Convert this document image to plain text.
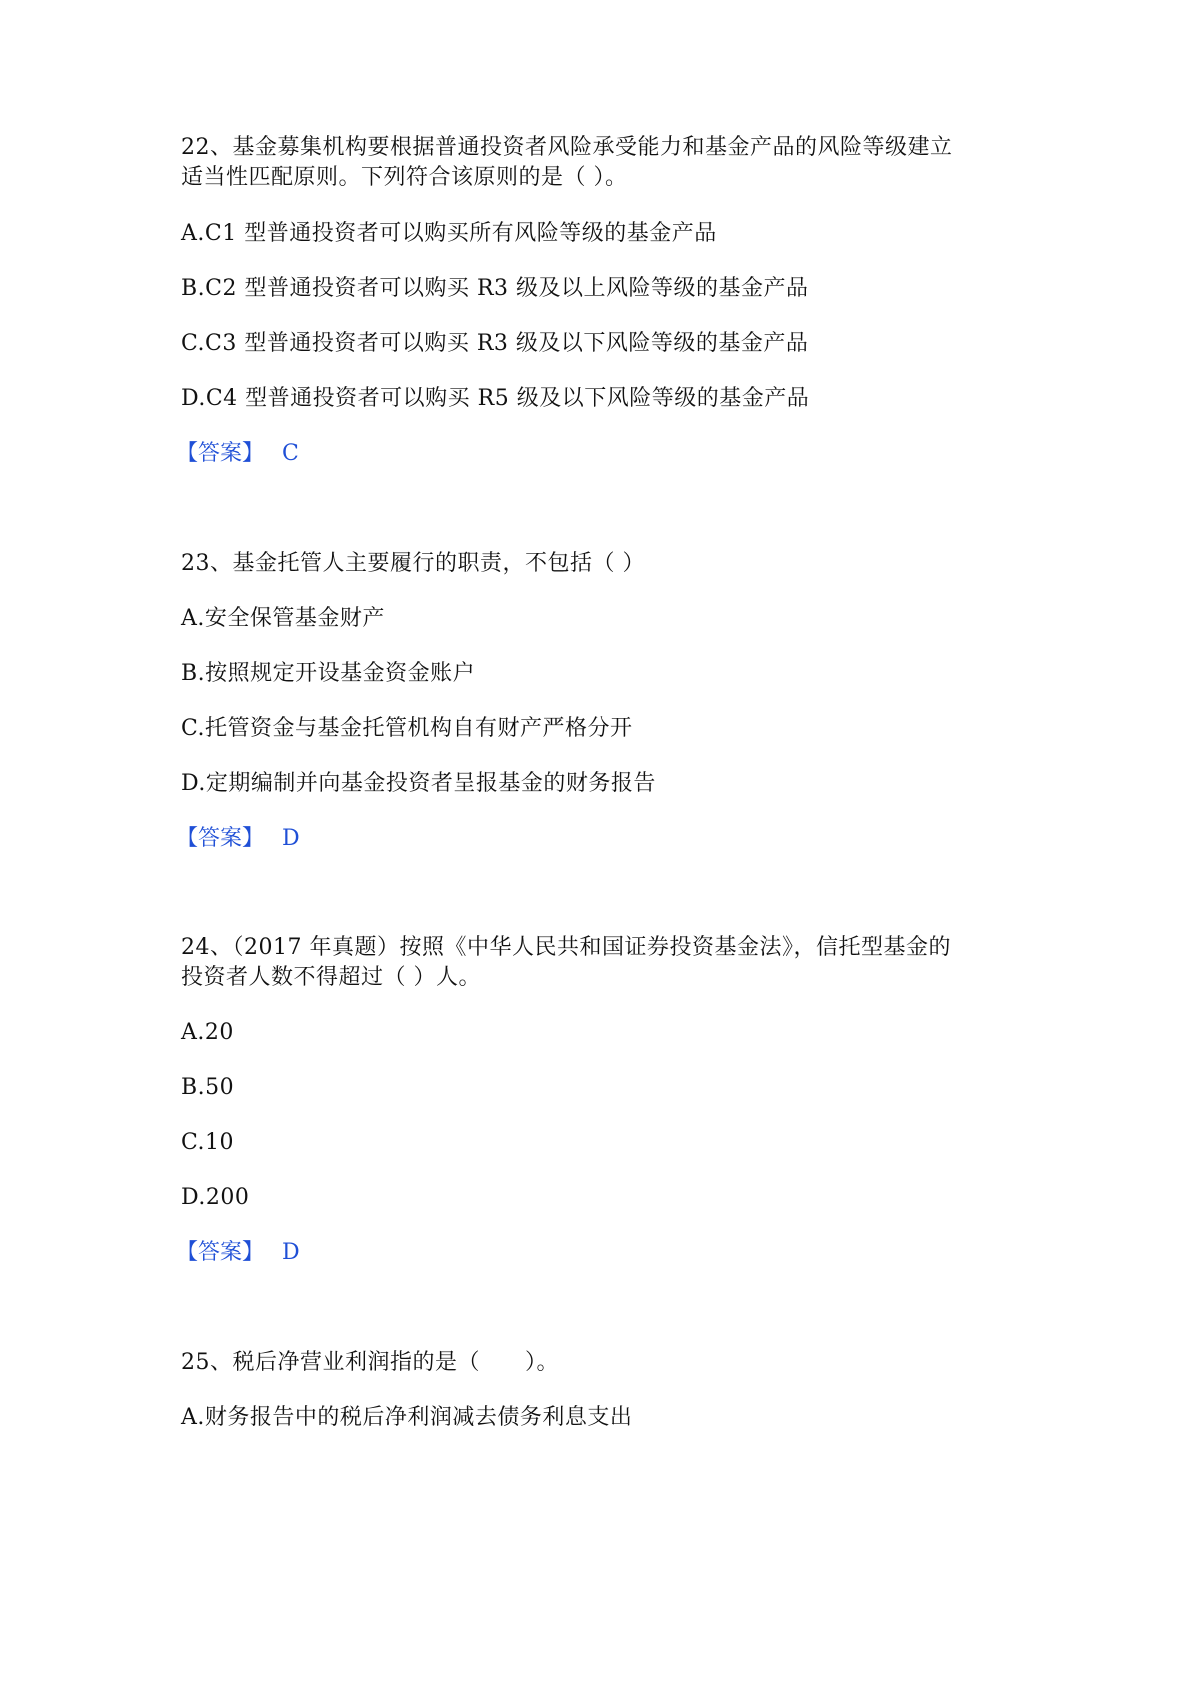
22、基金募集机构要根据普通投资者风险承受能力和基金产品的风险等级建立
适当性匹配原则。下列符合该原则的是（ ）。
A.C1 型普通投资者可以购买所有风险等级的基金产品
B.C2 型普通投资者可以购买 R3 级及以上风险等级的基金产品
C.C3 型普通投资者可以购买 R3 级及以下风险等级的基金产品
D.C4 型普通投资者可以购买 R5 级及以下风险等级的基金产品
【答案】 C
23、基金托管人主要履行的职责，不包括（ ）
A.安全保管基金财产
B.按照规定开设基金资金账户
C.托管资金与基金托管机构自有财产严格分开
D.定期编制并向基金投资者呈报基金的财务报告
【答案】 D
24、（2017 年真题）按照《中华人民共和国证券投资基金法》，信托型基金的
投资者人数不得超过（ ）人。
A.20
B.50
C.10
D.200
【答案】 D
25、税后净营业利润指的是（　　）。
A.财务报告中的税后净利润减去债务利息支出
